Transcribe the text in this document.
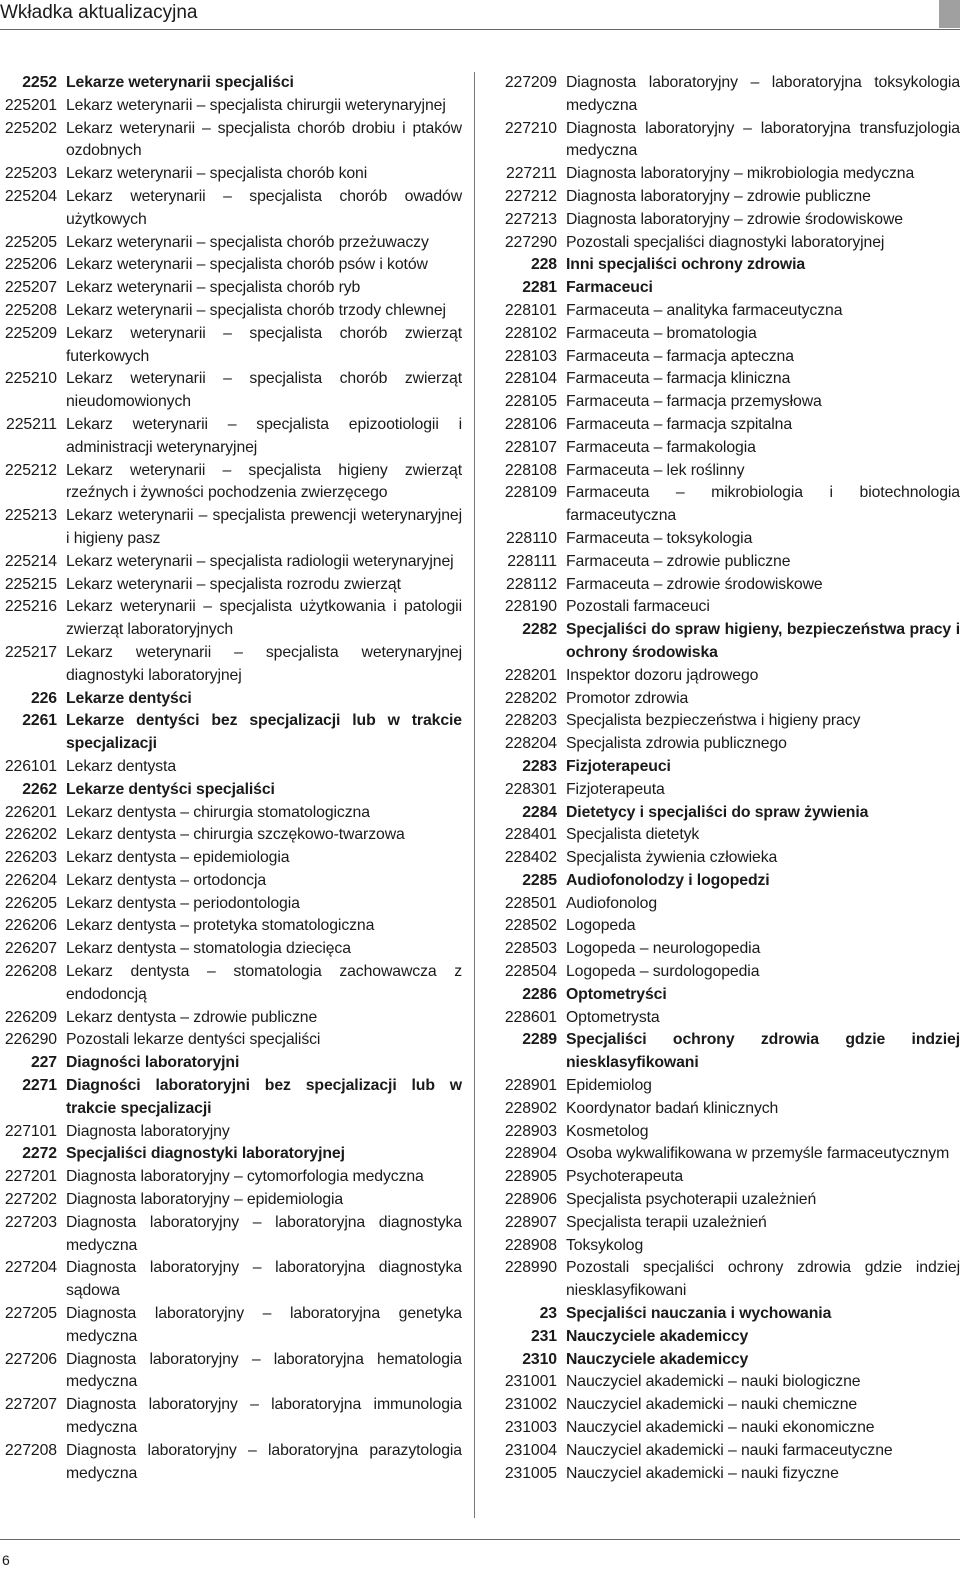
Wkładka aktualizacyjna
2252 Lekarze weterynarii specjaliści
225201 Lekarz weterynarii – specjalista chirurgii weterynaryjnej
225202 Lekarz weterynarii – specjalista chorób drobiu i ptaków ozdobnych
225203 Lekarz weterynarii – specjalista chorób koni
225204 Lekarz weterynarii – specjalista chorób owadów użytkowych
225205 Lekarz weterynarii – specjalista chorób przeżuwaczy
225206 Lekarz weterynarii – specjalista chorób psów i kotów
225207 Lekarz weterynarii – specjalista chorób ryb
225208 Lekarz weterynarii – specjalista chorób trzody chlewnej
225209 Lekarz weterynarii – specjalista chorób zwierząt futerkowych
225210 Lekarz weterynarii – specjalista chorób zwierząt nieudomowionych
225211 Lekarz weterynarii – specjalista epizootiologii i administracji weterynaryjnej
225212 Lekarz weterynarii – specjalista higieny zwierząt rzeźnych i żywności pochodzenia zwierzęcego
225213 Lekarz weterynarii – specjalista prewencji weterynaryjnej i higieny pasz
225214 Lekarz weterynarii – specjalista radiologii weterynaryjnej
225215 Lekarz weterynarii – specjalista rozrodu zwierząt
225216 Lekarz weterynarii – specjalista użytkowania i patologii zwierząt laboratoryjnych
225217 Lekarz weterynarii – specjalista weterynaryjnej diagnostyki laboratoryjnej
226 Lekarze dentyści
2261 Lekarze dentyści bez specjalizacji lub w trakcie specjalizacji
226101 Lekarz dentysta
2262 Lekarze dentyści specjaliści
226201 Lekarz dentysta – chirurgia stomatologiczna
226202 Lekarz dentysta – chirurgia szczękowo-twarzowa
226203 Lekarz dentysta – epidemiologia
226204 Lekarz dentysta – ortodoncja
226205 Lekarz dentysta – periodontologia
226206 Lekarz dentysta – protetyka stomatologiczna
226207 Lekarz dentysta – stomatologia dziecięca
226208 Lekarz dentysta – stomatologia zachowawcza z endodoncją
226209 Lekarz dentysta – zdrowie publiczne
226290 Pozostali lekarze dentyści specjaliści
227 Diagności laboratoryjni
2271 Diagności laboratoryjni bez specjalizacji lub w trakcie specjalizacji
227101 Diagnosta laboratoryjny
2272 Specjaliści diagnostyki laboratoryjnej
227201 Diagnosta laboratoryjny – cytomorfologia medyczna
227202 Diagnosta laboratoryjny – epidemiologia
227203 Diagnosta laboratoryjny – laboratoryjna diagnostyka medyczna
227204 Diagnosta laboratoryjny – laboratoryjna diagnostyka sądowa
227205 Diagnosta laboratoryjny – laboratoryjna genetyka medyczna
227206 Diagnosta laboratoryjny – laboratoryjna hematologia medyczna
227207 Diagnosta laboratoryjny – laboratoryjna immunologia medyczna
227208 Diagnosta laboratoryjny – laboratoryjna parazytologia medyczna
227209 Diagnosta laboratoryjny – laboratoryjna toksykologia medyczna
227210 Diagnosta laboratoryjny – laboratoryjna transfuzjologia medyczna
227211 Diagnosta laboratoryjny – mikrobiologia medyczna
227212 Diagnosta laboratoryjny – zdrowie publiczne
227213 Diagnosta laboratoryjny – zdrowie środowiskowe
227290 Pozostali specjaliści diagnostyki laboratoryjnej
228 Inni specjaliści ochrony zdrowia
2281 Farmaceuci
228101 Farmaceuta – analityka farmaceutyczna
228102 Farmaceuta – bromatologia
228103 Farmaceuta – farmacja apteczna
228104 Farmaceuta – farmacja kliniczna
228105 Farmaceuta – farmacja przemysłowa
228106 Farmaceuta – farmacja szpitalna
228107 Farmaceuta – farmakologia
228108 Farmaceuta – lek roślinny
228109 Farmaceuta – mikrobiologia i biotechnologia farmaceutyczna
228110 Farmaceuta – toksykologia
228111 Farmaceuta – zdrowie publiczne
228112 Farmaceuta – zdrowie środowiskowe
228190 Pozostali farmaceuci
2282 Specjaliści do spraw higieny, bezpieczeństwa pracy i ochrony środowiska
228201 Inspektor dozoru jądrowego
228202 Promotor zdrowia
228203 Specjalista bezpieczeństwa i higieny pracy
228204 Specjalista zdrowia publicznego
2283 Fizjoterapeuci
228301 Fizjoterapeuta
2284 Dietetycy i specjaliści do spraw żywienia
228401 Specjalista dietetyk
228402 Specjalista żywienia człowieka
2285 Audiofonolodzy i logopedzi
228501 Audiofonolog
228502 Logopeda
228503 Logopeda – neurologopedia
228504 Logopeda – surdologopedia
2286 Optometryści
228601 Optometrysta
2289 Specjaliści ochrony zdrowia gdzie indziej niesklasyfikowani
228901 Epidemiolog
228902 Koordynator badań klinicznych
228903 Kosmetolog
228904 Osoba wykwalifikowana w przemyśle farmaceutycznym
228905 Psychoterapeuta
228906 Specjalista psychoterapii uzależnień
228907 Specjalista terapii uzależnień
228908 Toksykolog
228990 Pozostali specjaliści ochrony zdrowia gdzie indziej niesklasyfikowani
23 Specjaliści nauczania i wychowania
231 Nauczyciele akademiccy
2310 Nauczyciele akademiccy
231001 Nauczyciel akademicki – nauki biologiczne
231002 Nauczyciel akademicki – nauki chemiczne
231003 Nauczyciel akademicki – nauki ekonomiczne
231004 Nauczyciel akademicki – nauki farmaceutyczne
231005 Nauczyciel akademicki – nauki fizyczne
6
